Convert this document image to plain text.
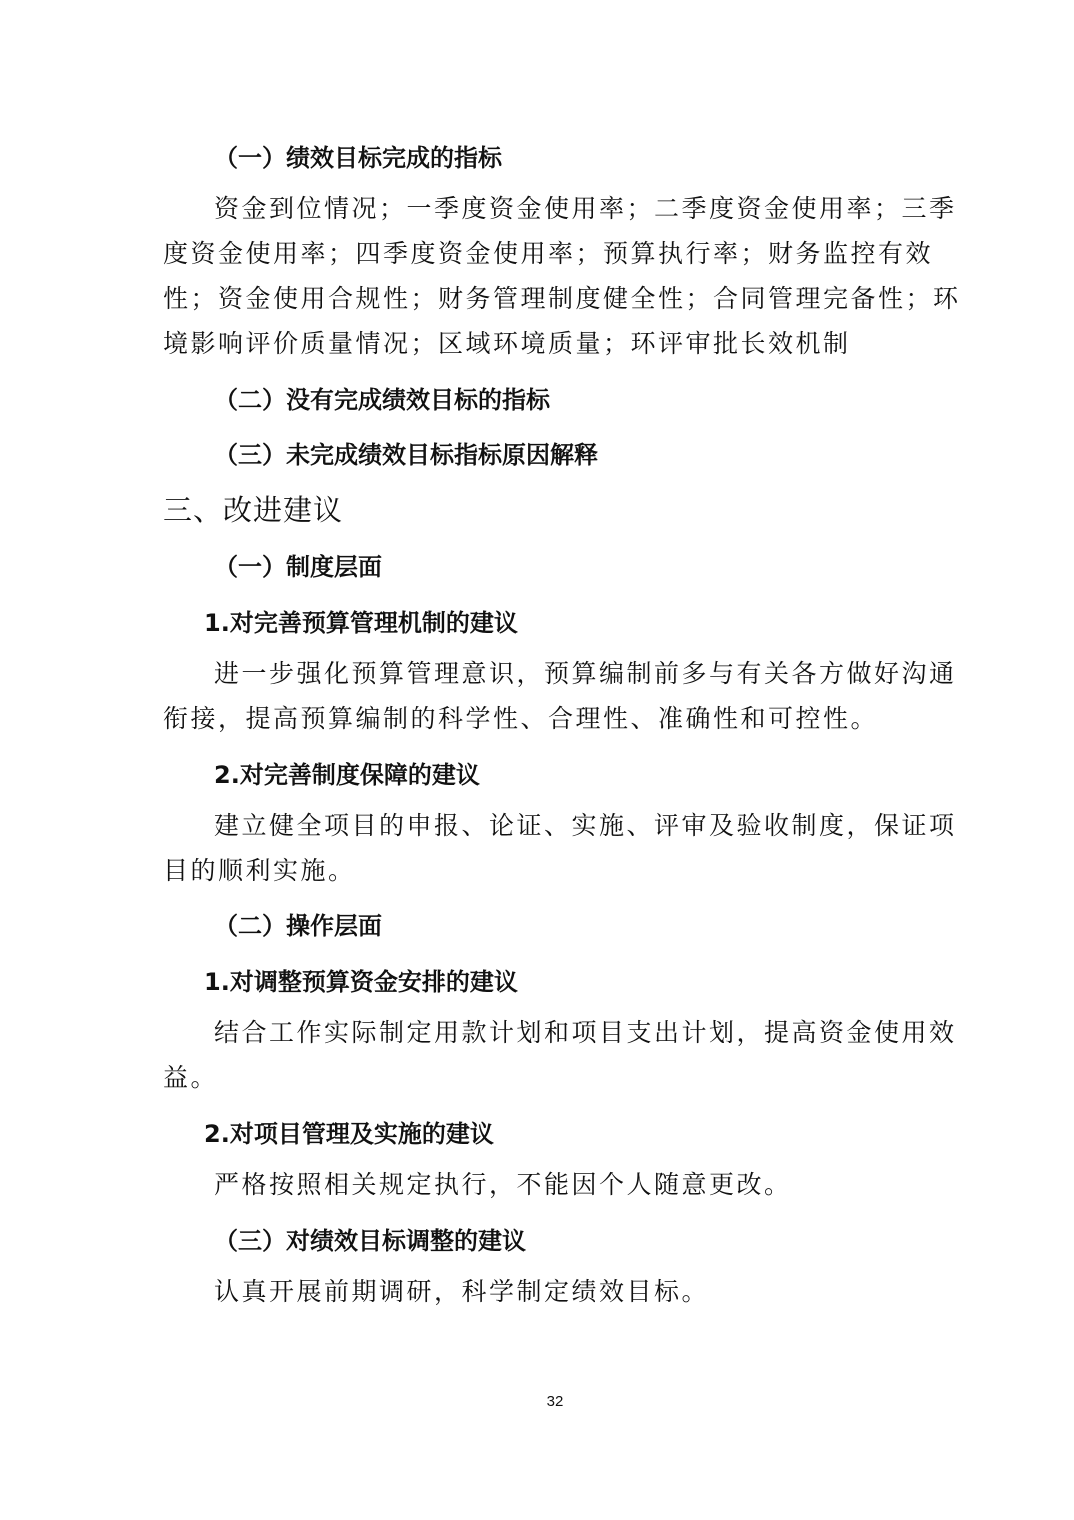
（一）绩效目标完成的指标
资金到位情况；一季度资金使用率；二季度资金使用率；三季
度资金使用率；四季度资金使用率；预算执行率；财务监控有效
性；资金使用合规性；财务管理制度健全性；合同管理完备性；环
境影响评价质量情况；区域环境质量；环评审批长效机制
（二）没有完成绩效目标的指标
（三）未完成绩效目标指标原因解释
三、改进建议
（一）制度层面
1.对完善预算管理机制的建议
进一步强化预算管理意识，预算编制前多与有关各方做好沟通
衔接，提高预算编制的科学性、合理性、准确性和可控性。
2.对完善制度保障的建议
建立健全项目的申报、论证、实施、评审及验收制度，保证项
目的顺利实施。
（二）操作层面
1.对调整预算资金安排的建议
结合工作实际制定用款计划和项目支出计划，提高资金使用效
益。
2.对项目管理及实施的建议
严格按照相关规定执行，不能因个人随意更改。
（三）对绩效目标调整的建议
认真开展前期调研，科学制定绩效目标。
32
